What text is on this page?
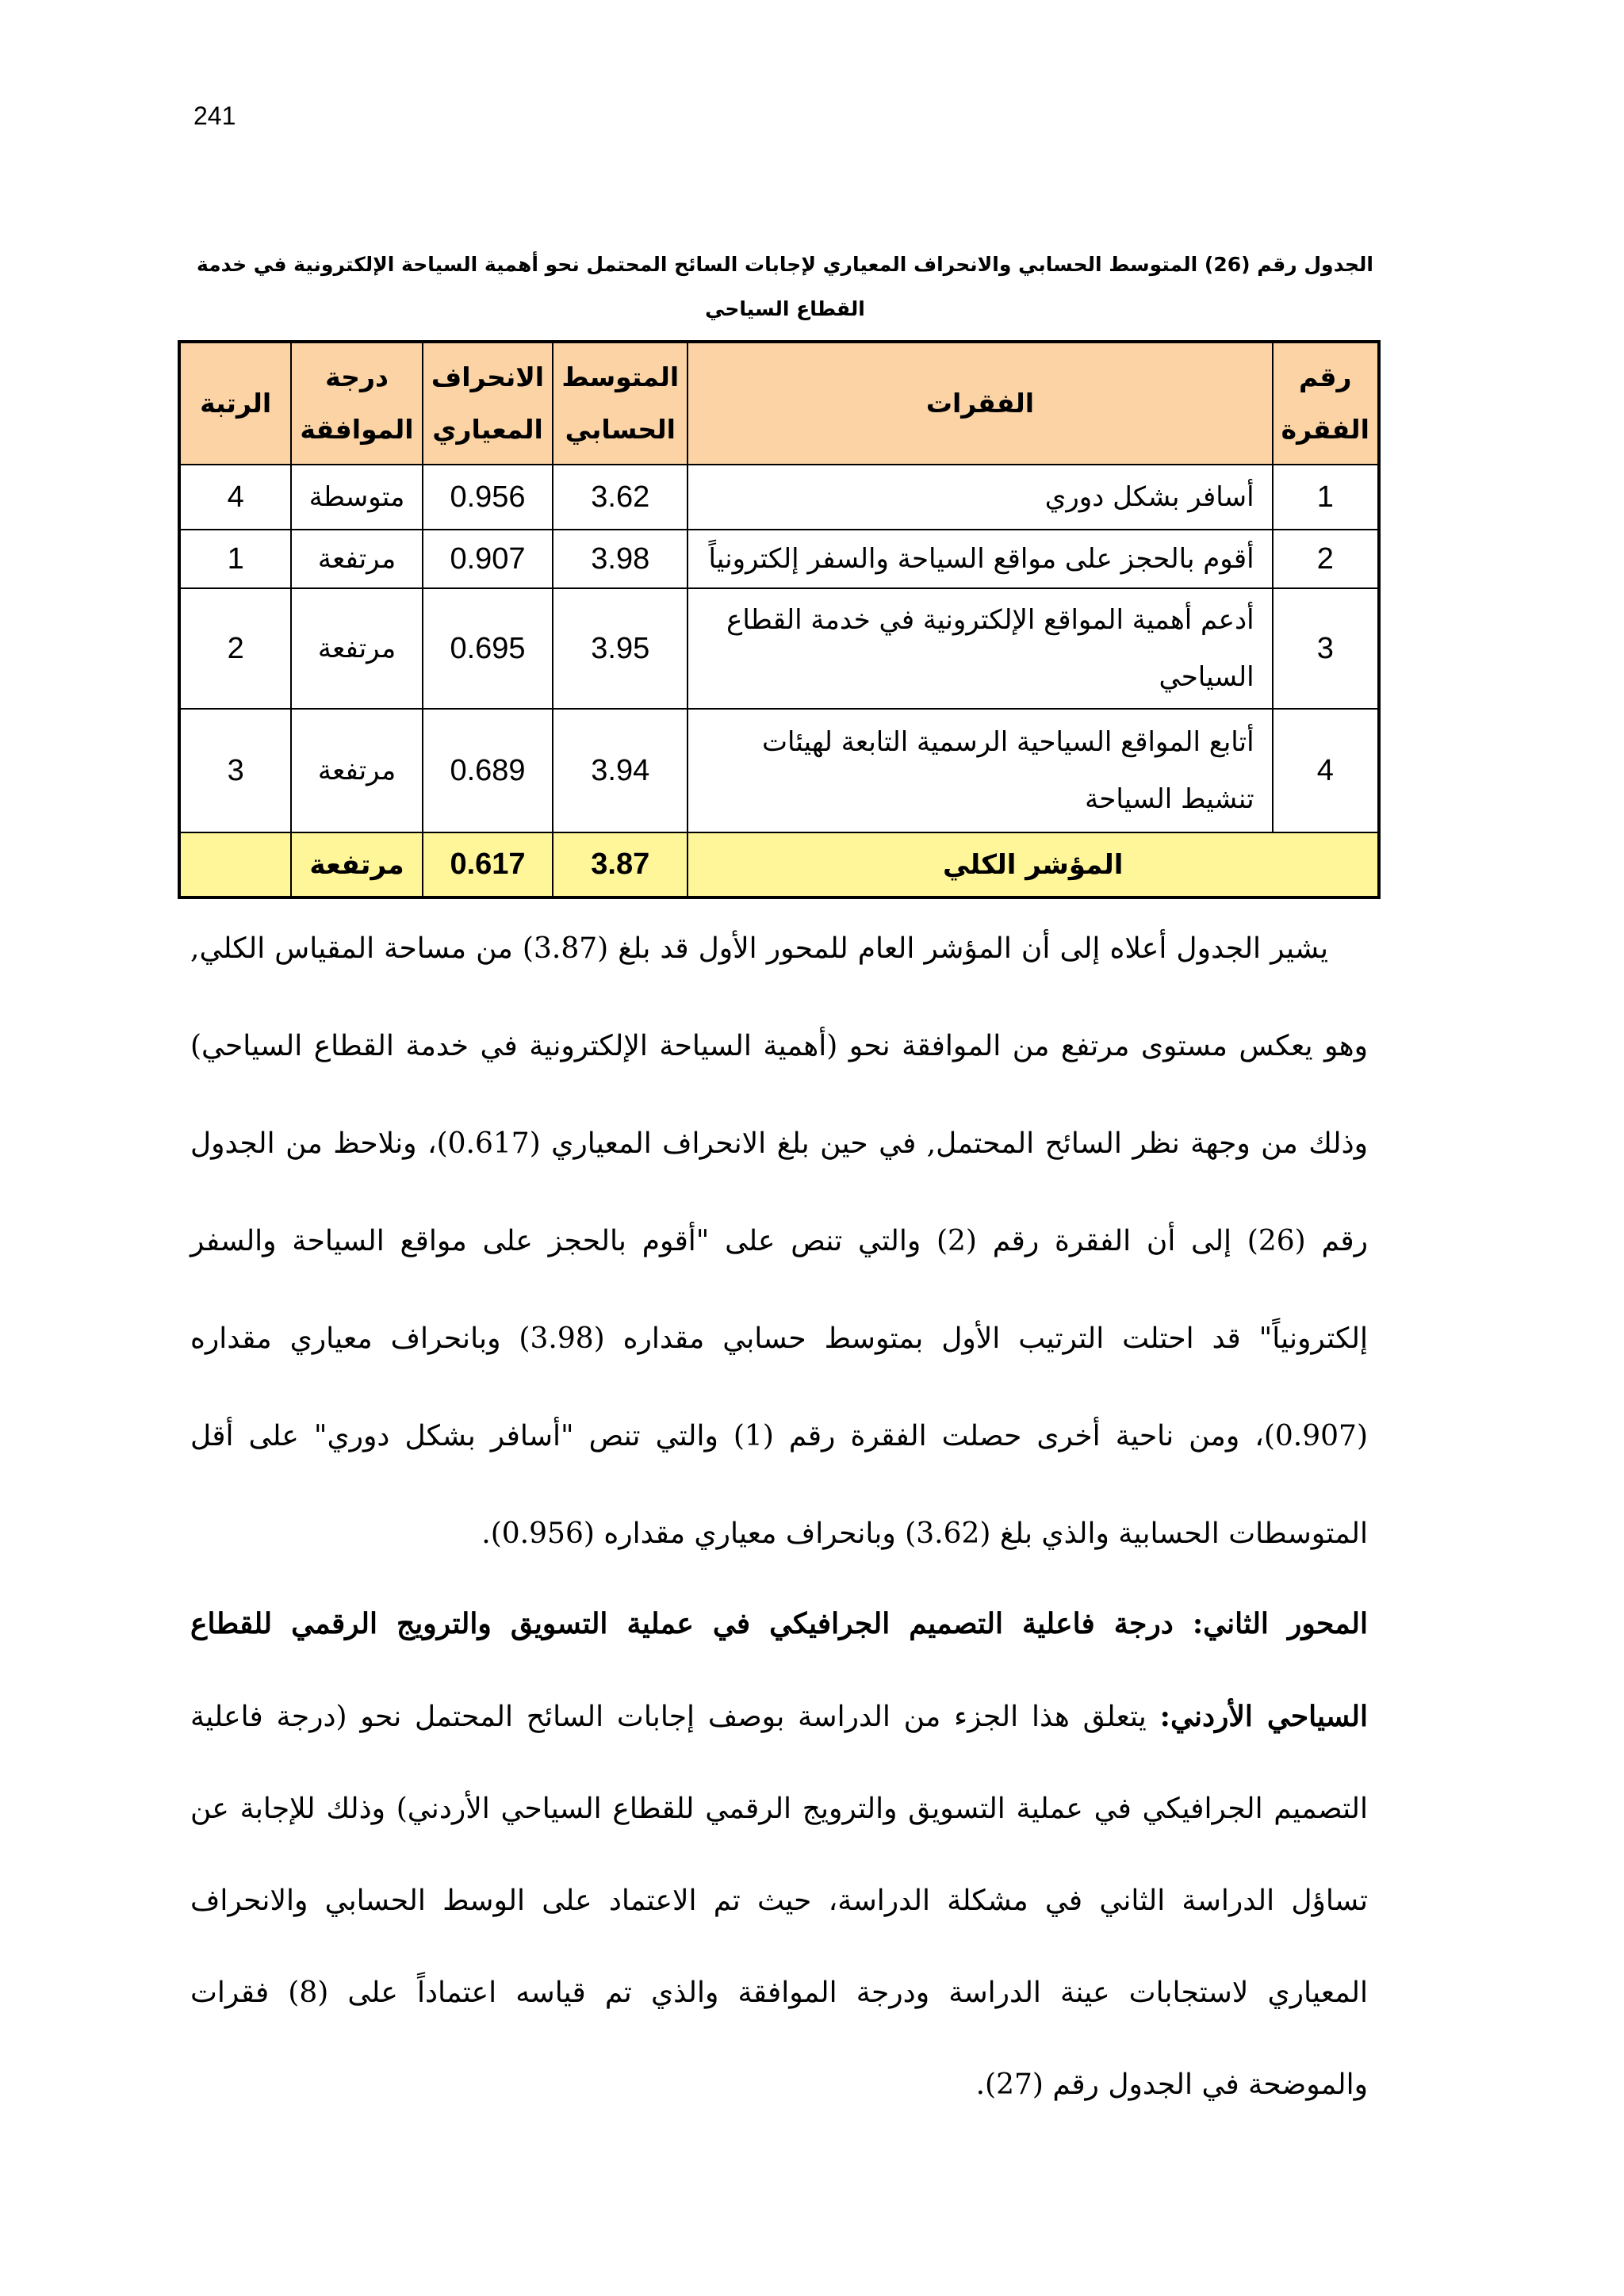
241
الجدول رقم (26) المتوسط الحسابي والانحراف المعياري لإجابات السائح المحتمل نحو أهمية السياحة الإلكترونية في خدمة القطاع السياحي
رقم الفقرة	الفقرات	المتوسط الحسابي	الانحراف المعياري	درجة الموافقة	الرتبة
1	أسافر بشكل دوري	3.62	0.956	متوسطة	4
2	أقوم بالحجز على مواقع السياحة والسفر إلكترونياً	3.98	0.907	مرتفعة	1
3	أدعم أهمية المواقع الإلكترونية في خدمة القطاع السياحي	3.95	0.695	مرتفعة	2
4	أتابع المواقع السياحية الرسمية التابعة لهيئات تنشيط السياحة	3.94	0.689	مرتفعة	3
المؤشر الكلي		3.87	0.617	مرتفعة	
يشير الجدول أعلاه إلى أن المؤشر العام للمحور الأول قد بلغ (3.87) من مساحة المقياس الكلي, وهو يعكس مستوى مرتفع من الموافقة نحو (أهمية السياحة الإلكترونية في خدمة القطاع السياحي) وذلك من وجهة نظر السائح المحتمل, في حين بلغ الانحراف المعياري (0.617)، ونلاحظ من الجدول رقم (26) إلى أن الفقرة رقم (2) والتي تنص على "أقوم بالحجز على مواقع السياحة والسفر إلكترونياً" قد احتلت الترتيب الأول بمتوسط حسابي مقداره (3.98) وبانحراف معياري مقداره (0.907)، ومن ناحية أخرى حصلت الفقرة رقم (1) والتي تنص "أسافر بشكل دوري" على أقل المتوسطات الحسابية والذي بلغ (3.62) وبانحراف معياري مقداره (0.956).
المحور الثاني: درجة فاعلية التصميم الجرافيكي في عملية التسويق والترويج الرقمي للقطاع السياحي الأردني: يتعلق هذا الجزء من الدراسة بوصف إجابات السائح المحتمل نحو (درجة فاعلية التصميم الجرافيكي في عملية التسويق والترويج الرقمي للقطاع السياحي الأردني) وذلك للإجابة عن تساؤل الدراسة الثاني في مشكلة الدراسة، حيث تم الاعتماد على الوسط الحسابي والانحراف المعياري لاستجابات عينة الدراسة ودرجة الموافقة والذي تم قياسه اعتماداً على (8) فقرات والموضحة في الجدول رقم (27).
